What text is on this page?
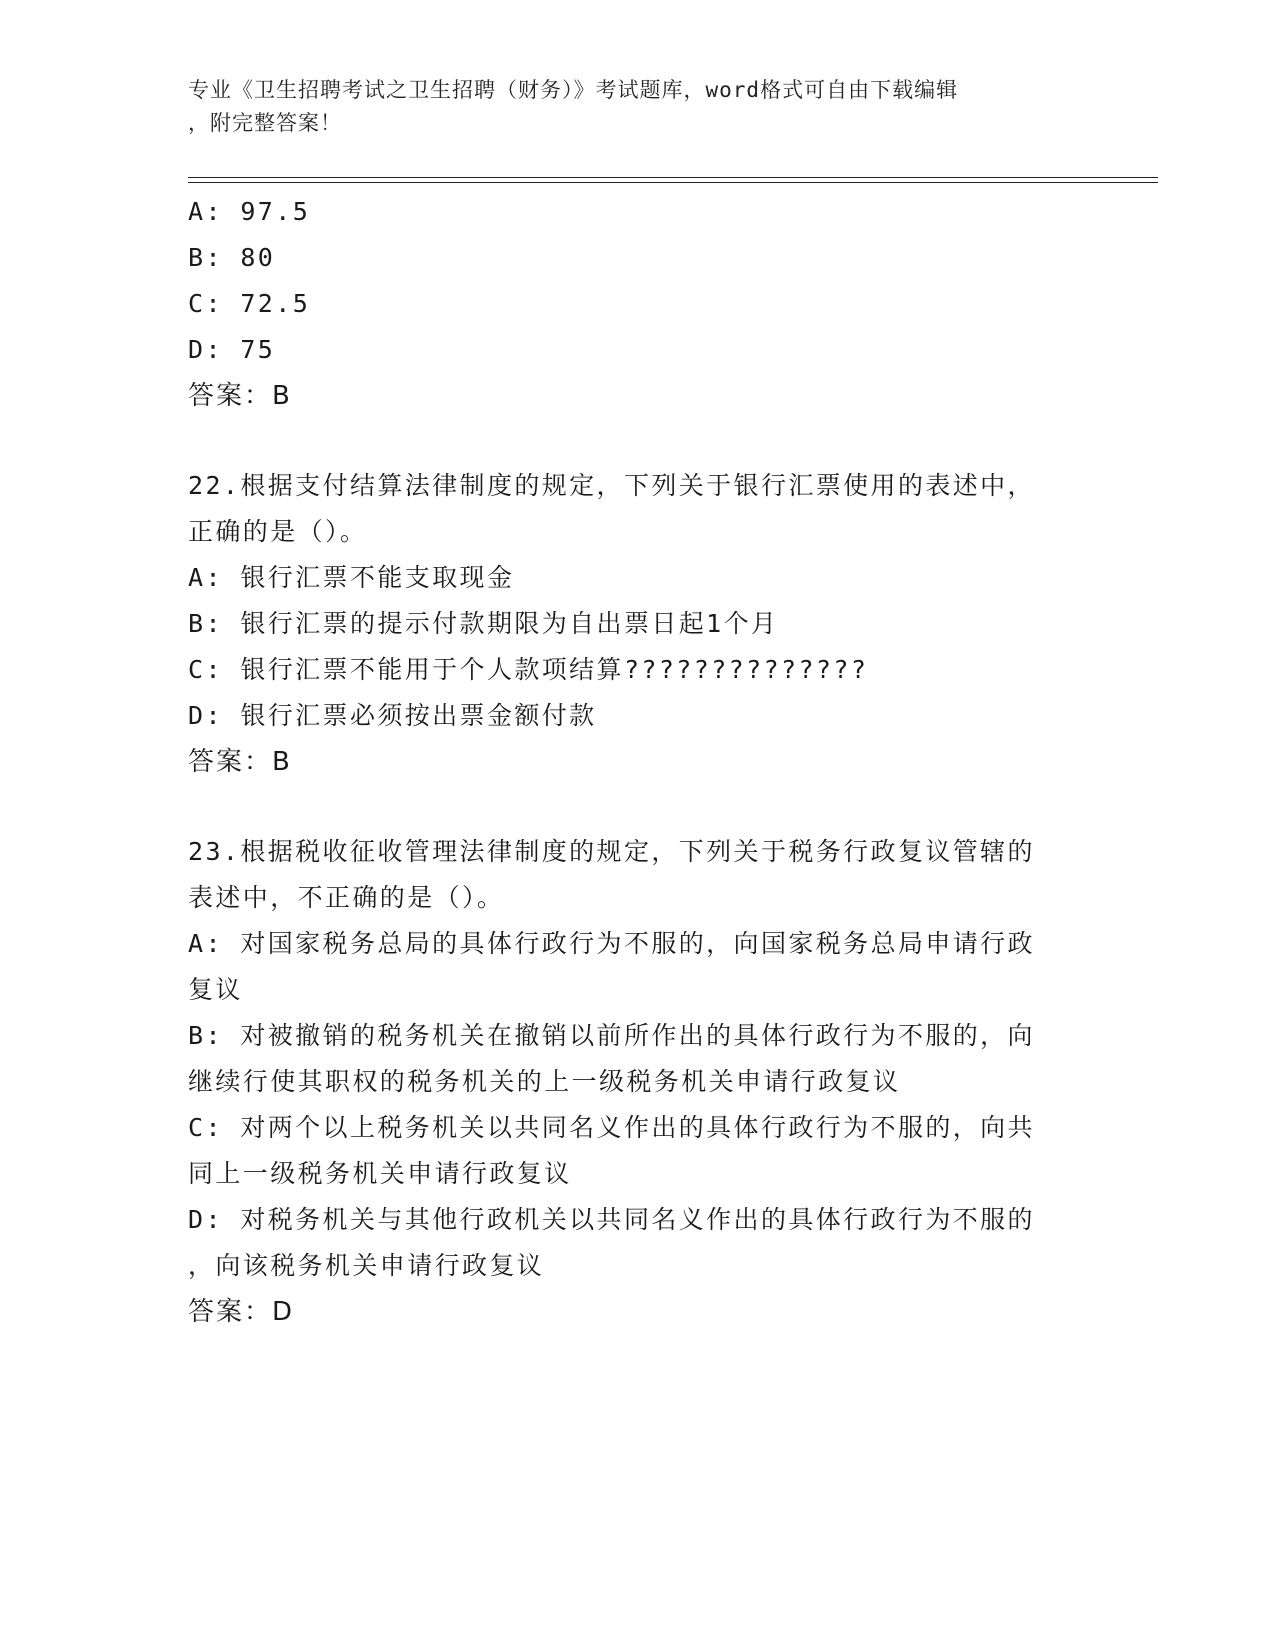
专业《卫生招聘考试之卫生招聘（财务）》考试题库，word格式可自由下载编辑
，附完整答案！
A: 97.5
B: 80
C: 72.5
D: 75
答案：B
22.根据支付结算法律制度的规定，下列关于银行汇票使用的表述中，
正确的是（）。
A: 银行汇票不能支取现金
B: 银行汇票的提示付款期限为自出票日起1个月
C: 银行汇票不能用于个人款项结算??????????????
D: 银行汇票必须按出票金额付款
答案：B
23.根据税收征收管理法律制度的规定，下列关于税务行政复议管辖的
表述中，不正确的是（）。
A: 对国家税务总局的具体行政行为不服的，向国家税务总局申请行政
复议
B: 对被撤销的税务机关在撤销以前所作出的具体行政行为不服的，向
继续行使其职权的税务机关的上一级税务机关申请行政复议
C: 对两个以上税务机关以共同名义作出的具体行政行为不服的，向共
同上一级税务机关申请行政复议
D: 对税务机关与其他行政机关以共同名义作出的具体行政行为不服的
，向该税务机关申请行政复议
答案：D
